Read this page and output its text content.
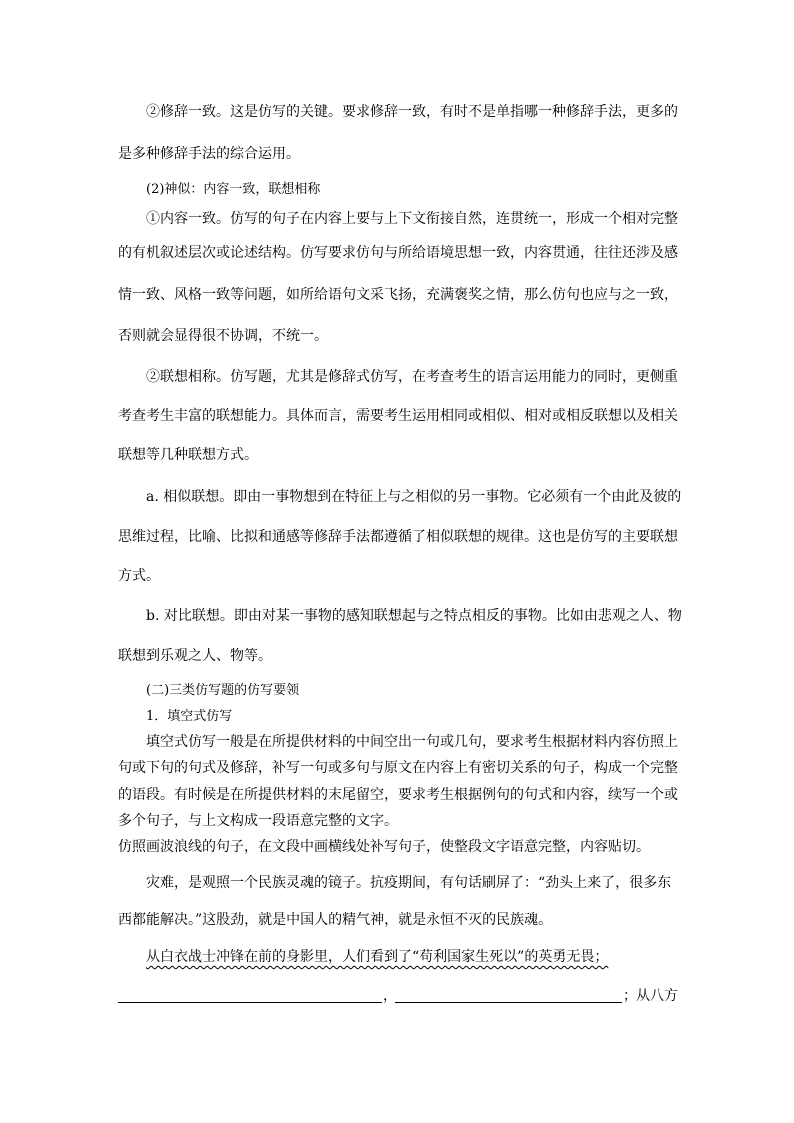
②修辞一致。这是仿写的关键。要求修辞一致，有时不是单指哪一种修辞手法，更多的
是多种修辞手法的综合运用。
(2)神似：内容一致，联想相称
①内容一致。仿写的句子在内容上要与上下文衔接自然，连贯统一，形成一个相对完整
的有机叙述层次或论述结构。仿写要求仿句与所给语境思想一致，内容贯通，往往还涉及感
情一致、风格一致等问题，如所给语句文采飞扬，充满褒奖之情，那么仿句也应与之一致，
否则就会显得很不协调，不统一。
②联想相称。仿写题，尤其是修辞式仿写，在考查考生的语言运用能力的同时，更侧重
考查考生丰富的联想能力。具体而言，需要考生运用相同或相似、相对或相反联想以及相关
联想等几种联想方式。
a. 相似联想。即由一事物想到在特征上与之相似的另一事物。它必须有一个由此及彼的
思维过程，比喻、比拟和通感等修辞手法都遵循了相似联想的规律。这也是仿写的主要联想
方式。
b. 对比联想。即由对某一事物的感知联想起与之特点相反的事物。比如由悲观之人、物
联想到乐观之人、物等。
(二)三类仿写题的仿写要领
1．填空式仿写
填空式仿写一般是在所提供材料的中间空出一句或几句，要求考生根据材料内容仿照上
句或下句的句式及修辞，补写一句或多句与原文在内容上有密切关系的句子，构成一个完整
的语段。有时候是在所提供材料的末尾留空，要求考生根据例句的句式和内容，续写一个或
多个句子，与上文构成一段语意完整的文字。
仿照画波浪线的句子，在文段中画横线处补写句子，使整段文字语意完整，内容贴切。
灾难，是观照一个民族灵魂的镜子。抗疫期间，有句话刷屏了：“劲头上来了，很多东
西都能解决。”这股劲，就是中国人的精气神，就是永恒不灭的民族魂。
从白衣战士冲锋在前的身影里，人们看到了“苟利国家生死以”的英勇无畏；
，	； 从八方
